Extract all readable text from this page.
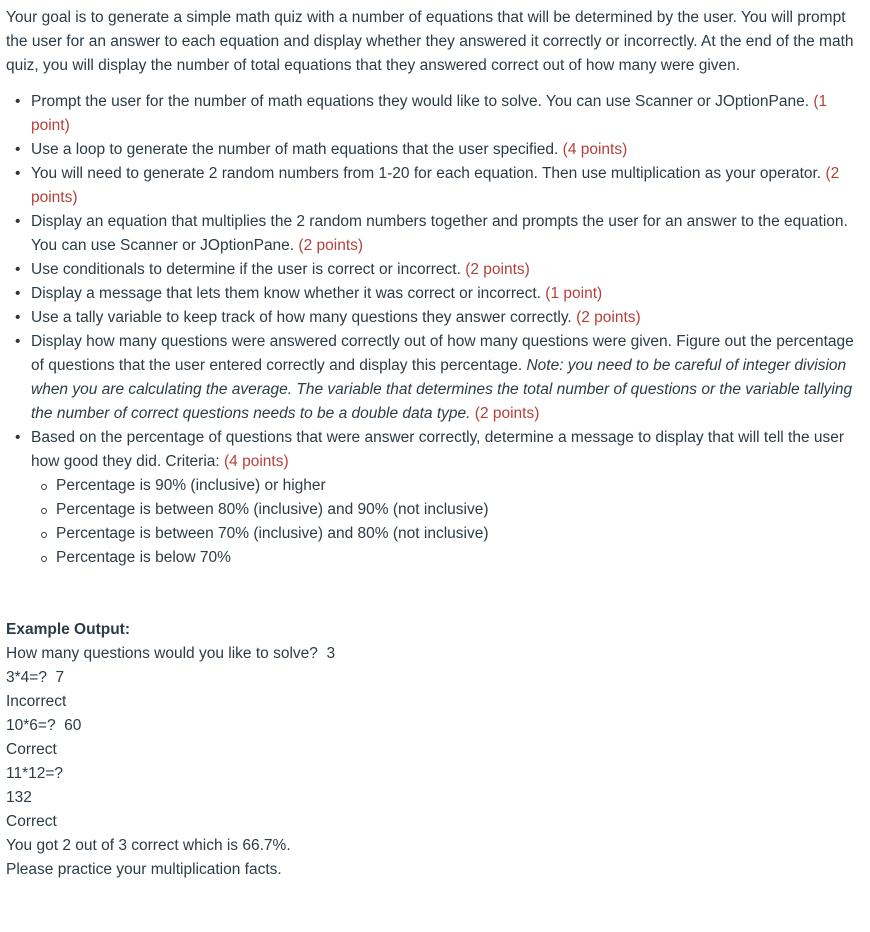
Your goal is to generate a simple math quiz with a number of equations that will be determined by the user. You will prompt the user for an answer to each equation and display whether they answered it correctly or incorrectly. At the end of the math quiz, you will display the number of total equations that they answered correct out of how many were given.

• Prompt the user for the number of math equations they would like to solve. You can use Scanner or JOptionPane. (1 point)
• Use a loop to generate the number of math equations that the user specified. (4 points)
• You will need to generate 2 random numbers from 1-20 for each equation. Then use multiplication as your operator. (2 points)
• Display an equation that multiplies the 2 random numbers together and prompts the user for an answer to the equation. You can use Scanner or JOptionPane. (2 points)
• Use conditionals to determine if the user is correct or incorrect. (2 points)
• Display a message that lets them know whether it was correct or incorrect. (1 point)
• Use a tally variable to keep track of how many questions they answer correctly. (2 points)
• Display how many questions were answered correctly out of how many questions were given. Figure out the percentage of questions that the user entered correctly and display this percentage. Note: you need to be careful of integer division when you are calculating the average. The variable that determines the total number of questions or the variable tallying the number of correct questions needs to be a double data type. (2 points)
• Based on the percentage of questions that were answer correctly, determine a message to display that will tell the user how good they did. Criteria: (4 points)
Percentage is 90% (inclusive) or higher
Percentage is between 80% (inclusive) and 90% (not inclusive)
Percentage is between 70% (inclusive) and 80% (not inclusive)
Percentage is below 70%

Example Output:

How many questions would you like to solve?  3

3*4=?  7

Incorrect

10*6=?  60

Correct

11*12=?

132

Correct

You got 2 out of 3 correct which is 66.7%.

Please practice your multiplication facts.
